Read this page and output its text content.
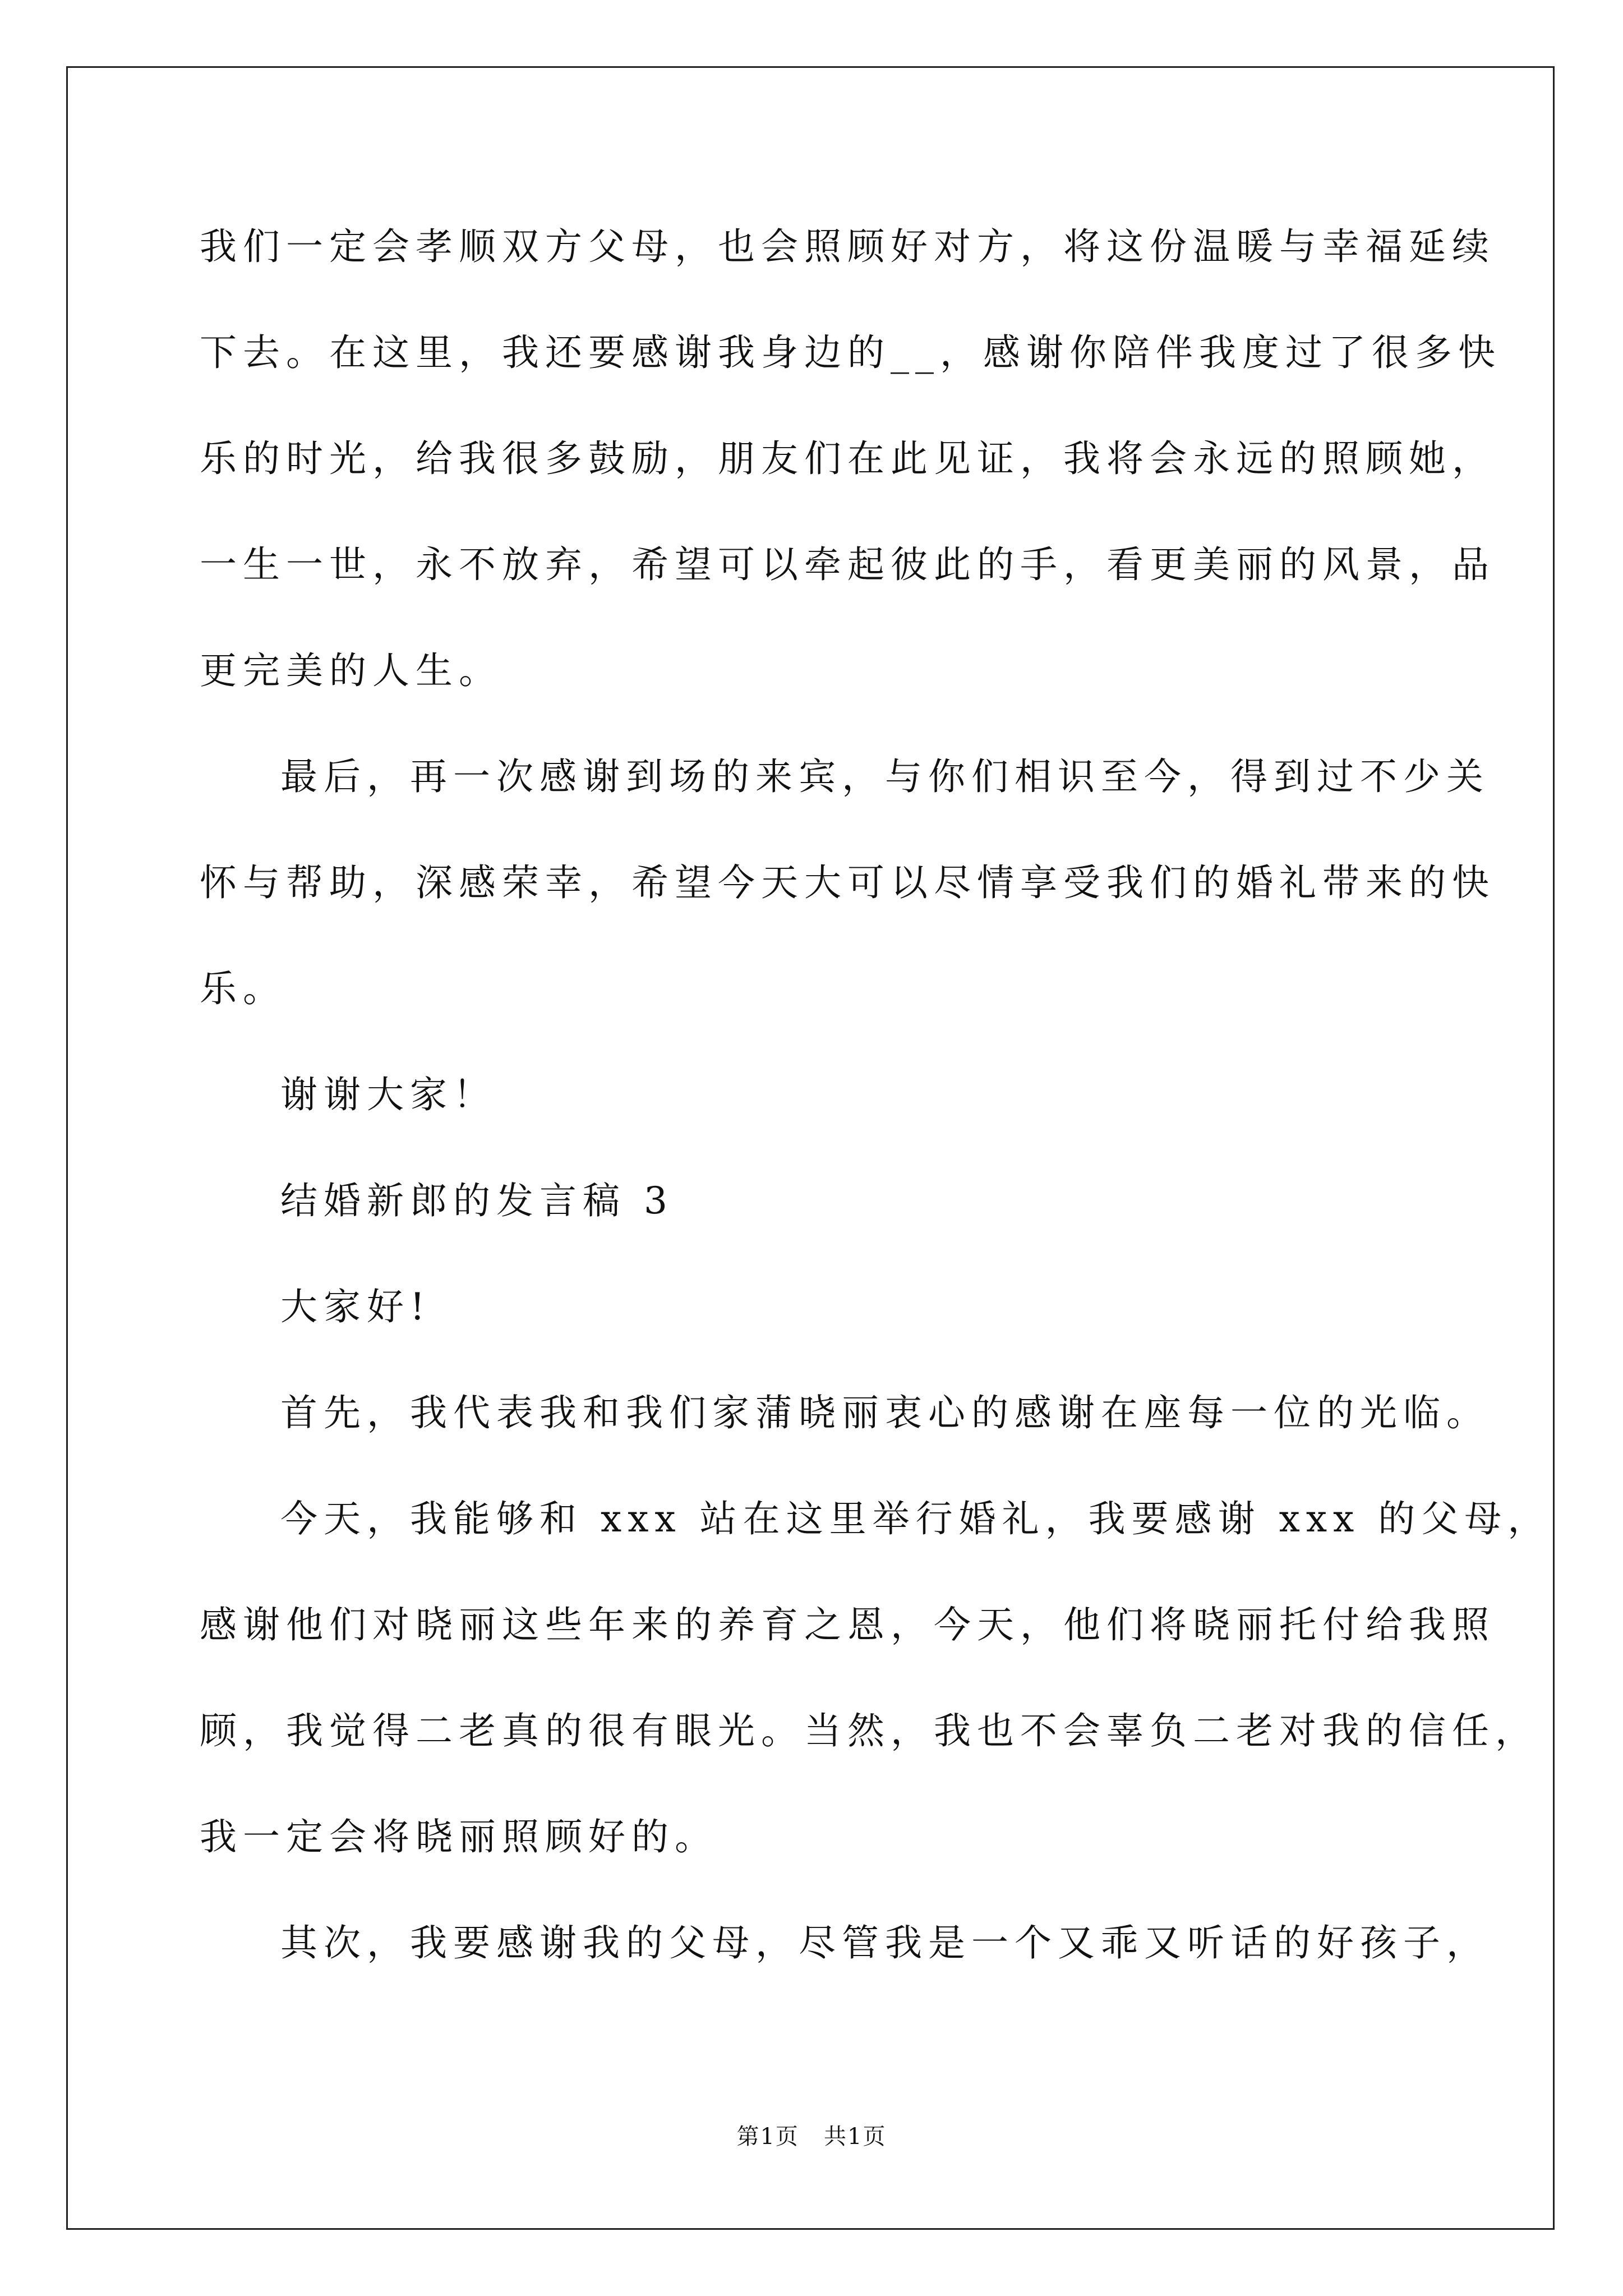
我们一定会孝顺双方父母，也会照顾好对方，将这份温暖与幸福延续
下去。在这里，我还要感谢我身边的__，感谢你陪伴我度过了很多快
乐的时光，给我很多鼓励，朋友们在此见证，我将会永远的照顾她，
一生一世，永不放弃，希望可以牵起彼此的手，看更美丽的风景，品
更完美的人生。
最后，再一次感谢到场的来宾，与你们相识至今，得到过不少关
怀与帮助，深感荣幸，希望今天大可以尽情享受我们的婚礼带来的快
乐。
谢谢大家！
结婚新郎的发言稿 3
大家好!
首先，我代表我和我们家蒲晓丽衷心的感谢在座每一位的光临。
今天，我能够和 xxx 站在这里举行婚礼，我要感谢 xxx 的父母，
感谢他们对晓丽这些年来的养育之恩，今天，他们将晓丽托付给我照
顾，我觉得二老真的很有眼光。当然，我也不会辜负二老对我的信任，
我一定会将晓丽照顾好的。
其次，我要感谢我的父母，尽管我是一个又乖又听话的好孩子，
第1页   共1页
